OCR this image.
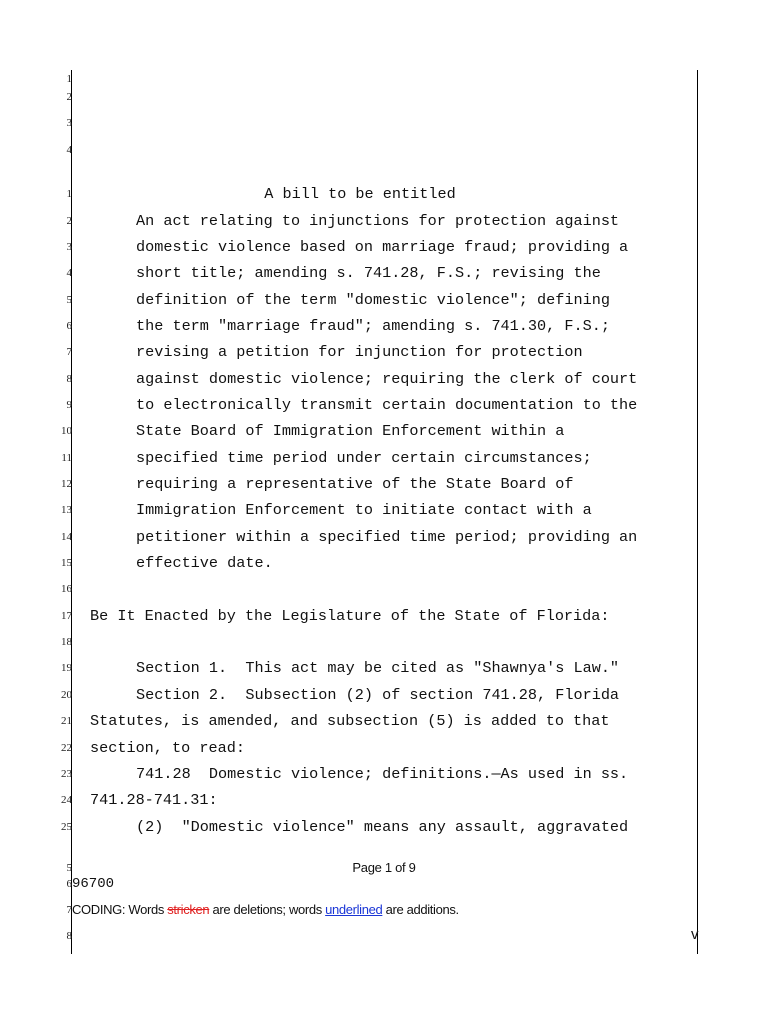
1
2
3
4
1	A bill to be entitled
2	An act relating to injunctions for protection against
3	domestic violence based on marriage fraud; providing a
4	short title; amending s. 741.28, F.S.; revising the
5	definition of the term "domestic violence"; defining
6	the term "marriage fraud"; amending s. 741.30, F.S.;
7	revising a petition for injunction for protection
8	against domestic violence; requiring the clerk of court
9	to electronically transmit certain documentation to the
10	State Board of Immigration Enforcement within a
11	specified time period under certain circumstances;
12	requiring a representative of the State Board of
13	Immigration Enforcement to initiate contact with a
14	petitioner within a specified time period; providing an
15	effective date.
16
17 Be It Enacted by the Legislature of the State of Florida:
18
19	Section 1.  This act may be cited as "Shawnya's Law."
20	Section 2.  Subsection (2) of section 741.28, Florida
21 Statutes, is amended, and subsection (5) is added to that
22 section, to read:
23	741.28  Domestic violence; definitions.—As used in ss.
24 741.28-741.31:
25	(2)  "Domestic violence" means any assault, aggravated
5
6
7
8
Page 1 of 9
96700
CODING: Words stricken are deletions; words underlined are additions.
v
